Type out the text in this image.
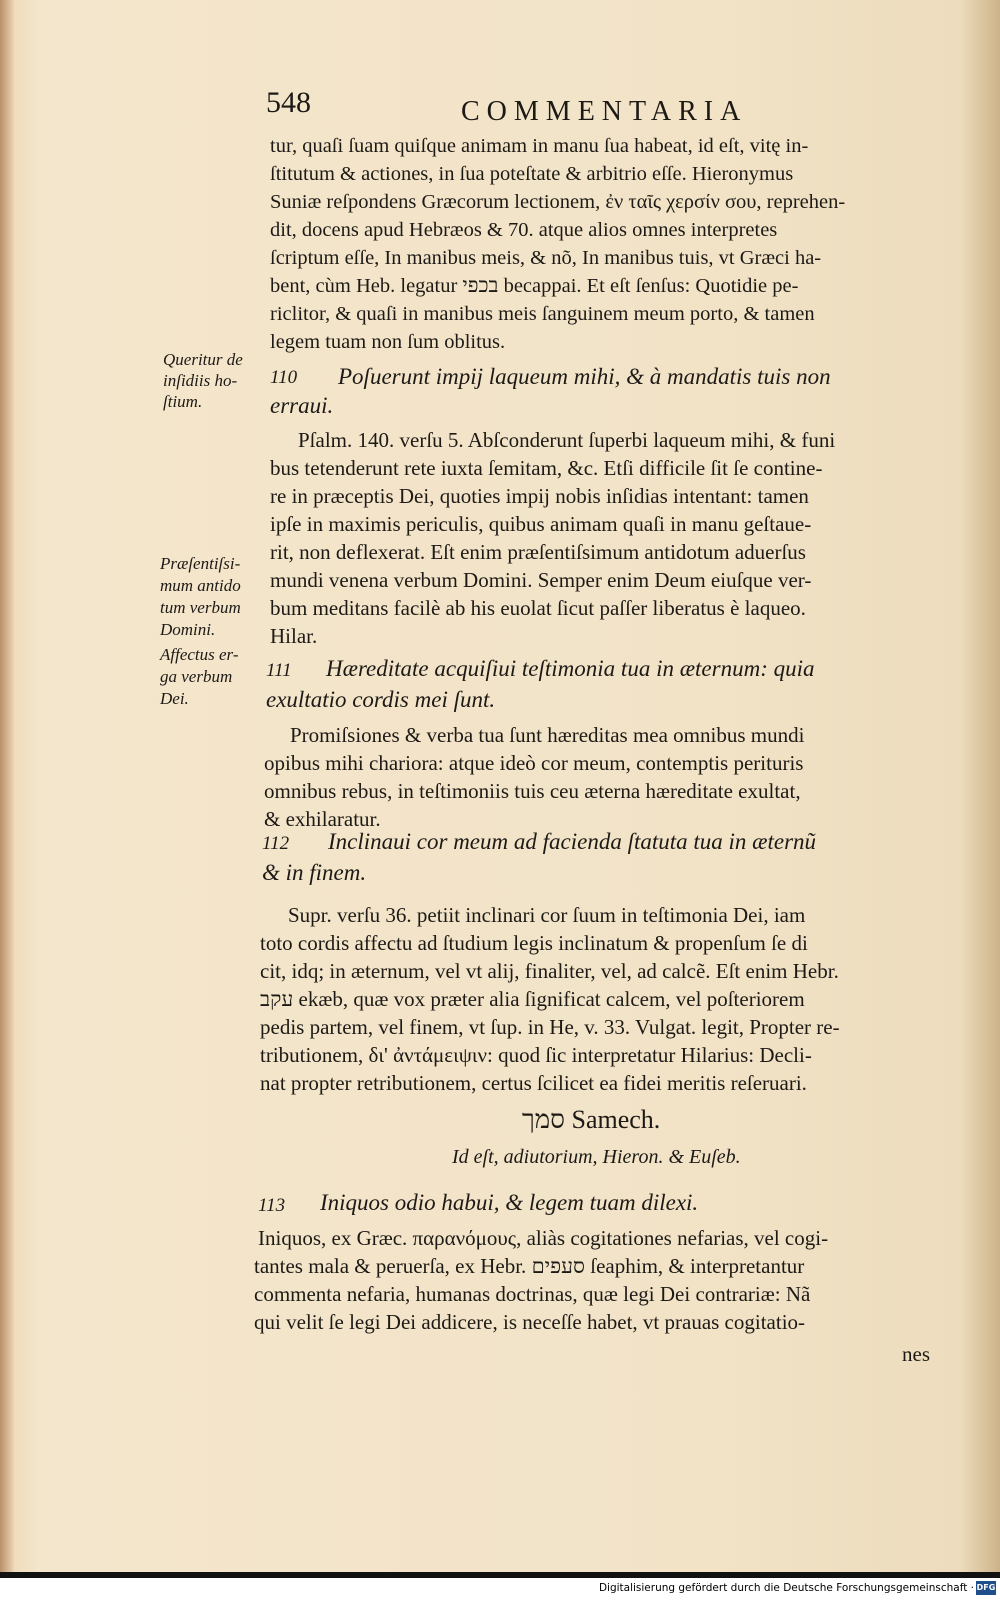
548	COMMENTARIA
tur, quaſi ſuam quiſque animam in manu ſua habeat, id eſt, vitę in-
ſtitutum & actiones, in ſua poteſtate & arbitrio eſſe. Hieronymus
Suniæ reſpondens Græcorum lectionem, ἐν ταῖς χερσίν σου, reprehen-
dit, docens apud Hebræos & 70. atque alios omnes interpretes
ſcriptum eſſe, In manibus meis, & nõ, In manibus tuis, vt Græci ha-
bent, cùm Heb. legatur בכפי becappai. Et eſt ſenſus: Quotidie pe-
riclitor, & quaſi in manibus meis ſanguinem meum porto, & tamen
legem tuam non ſum oblitus.
Queritur de
inſidiis ho-
ſtium.
110 Poſuerunt impij laqueum mihi, & à mandatis tuis non
erraui.
Pſalm. 140. verſu 5. Abſconderunt ſuperbi laqueum mihi, & funi
bus tetenderunt rete iuxta ſemitam, &c. Etſi difficile ſit ſe contine-
re in præceptis Dei, quoties impij nobis inſidias intentant: tamen
ipſe in maximis periculis, quibus animam quaſi in manu geſtaue-
rit, non deflexerat. Eſt enim præſentiſsimum antidotum aduerſus
mundi venena verbum Domini. Semper enim Deum eiuſque ver-
bum meditans facilè ab his euolat ſicut paſſer liberatus è laqueo.
Hilar.
Præſentiſsi-
mum antido
tum verbum
Domini.
Affectus er-
ga verbum
Dei.
111 Hæreditate acquiſiui teſtimonia tua in æternum: quia
exultatio cordis mei ſunt.
Promiſsiones & verba tua ſunt hæreditas mea omnibus mundi
opibus mihi chariora: atque ideò cor meum, contemptis perituris
omnibus rebus, in teſtimoniis tuis ceu æterna hæreditate exultat,
& exhilaratur.
112 Inclinaui cor meum ad facienda ſtatuta tua in æternũ
& in finem.
Supr. verſu 36. petiit inclinari cor ſuum in teſtimonia Dei, iam
toto cordis affectu ad ſtudium legis inclinatum & propenſum ſe di
cit, idq; in æternum, vel vt alij, finaliter, vel, ad calcẽ. Eſt enim Hebr.
עקב ekæb, quæ vox præter alia ſignificat calcem, vel poſteriorem
pedis partem, vel finem, vt ſup. in He, v. 33. Vulgat. legit, Propter re-
tributionem, δι' ἀντάμειψιν: quod ſic interpretatur Hilarius: Decli-
nat propter retributionem, certus ſcilicet ea fidei meritis reſeruari.
סמך Samech.
Id eſt, adiutorium, Hieron. & Euſeb.
113 Iniquos odio habui, & legem tuam dilexi.
Iniquos, ex Græc. παρανόμους, aliàs cogitationes nefarias, vel cogi-
tantes mala & peruerſa, ex Hebr. סעפים ſeaphim, & interpretantur
commenta nefaria, humanas doctrinas, quæ legi Dei contrariæ: Nã
qui velit ſe legi Dei addicere, is neceſſe habet, vt prauas cogitatio-
nes
Digitalisierung gefördert durch die Deutsche Forschungsgemeinschaft · DFG
